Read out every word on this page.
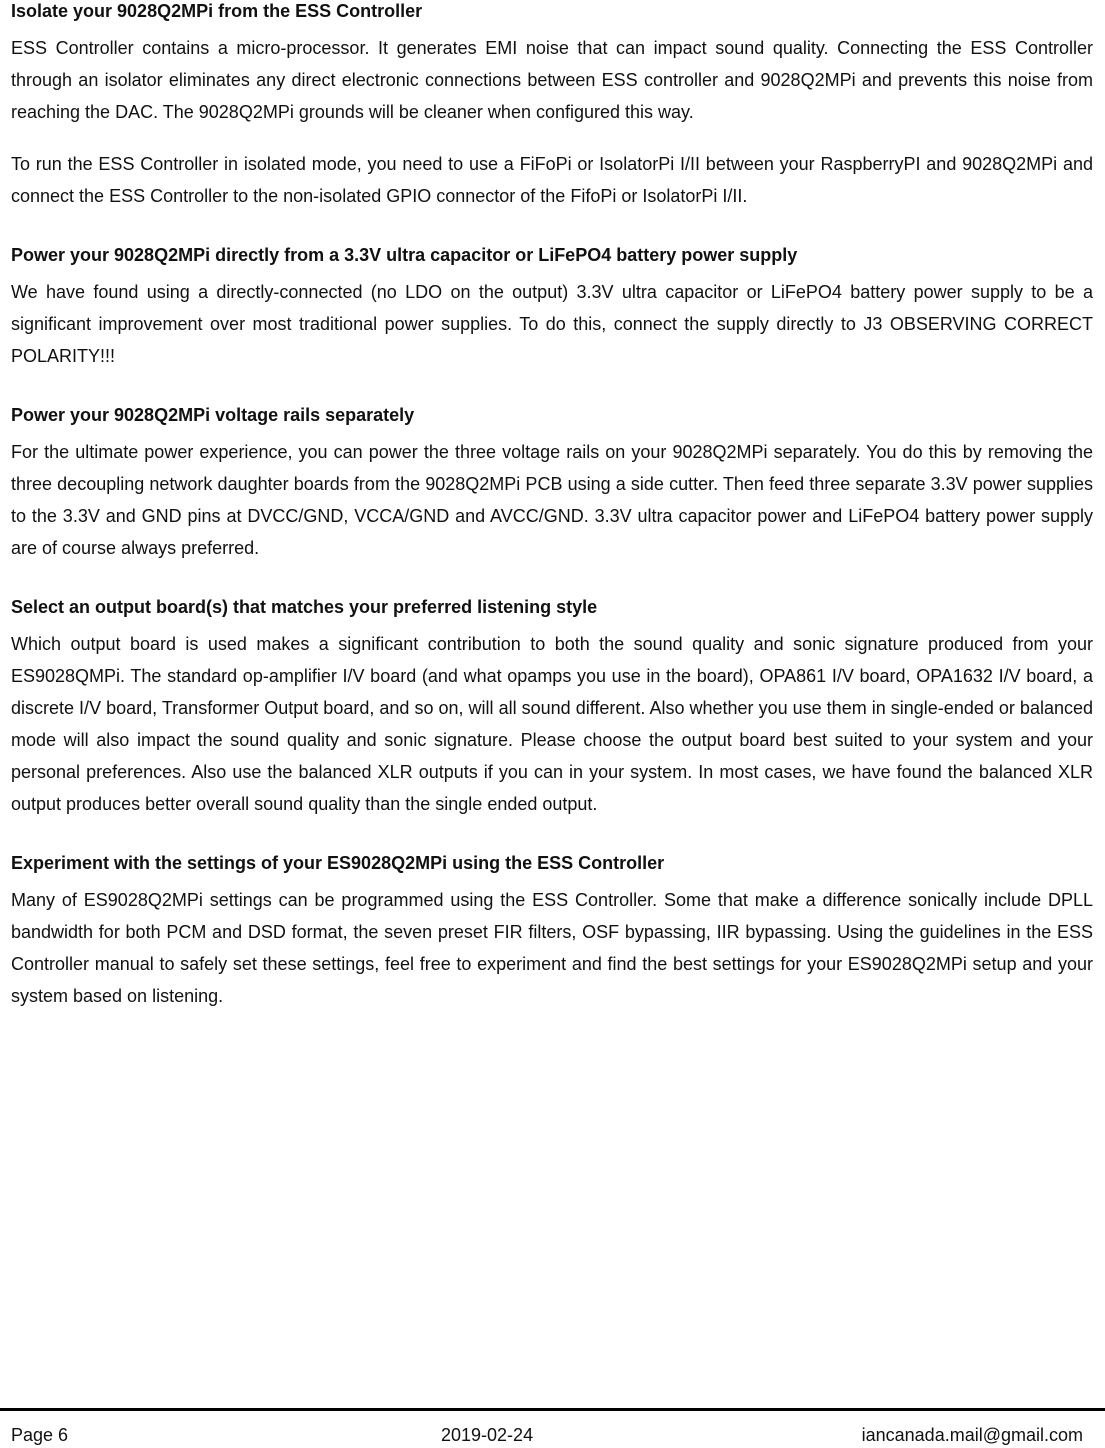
Isolate your 9028Q2MPi from the ESS Controller

ESS Controller contains a micro-processor. It generates EMI noise that can impact sound quality. Connecting the ESS Controller through an isolator eliminates any direct electronic connections between ESS controller and 9028Q2MPi and prevents this noise from reaching the DAC. The 9028Q2MPi grounds will be cleaner when configured this way.

To run the ESS Controller in isolated mode, you need to use a FiFoPi or IsolatorPi I/II between your RaspberryPI and 9028Q2MPi and connect the ESS Controller to the non-isolated GPIO connector of the FifoPi or IsolatorPi I/II.

Power your 9028Q2MPi directly from a 3.3V ultra capacitor or LiFePO4 battery power supply

We have found using a directly-connected (no LDO on the output) 3.3V ultra capacitor or LiFePO4 battery power supply to be a significant improvement over most traditional power supplies. To do this, connect the supply directly to J3 OBSERVING CORRECT POLARITY!!!

Power your 9028Q2MPi voltage rails separately

For the ultimate power experience, you can power the three voltage rails on your 9028Q2MPi separately. You do this by removing the three decoupling network daughter boards from the 9028Q2MPi PCB using a side cutter. Then feed three separate 3.3V power supplies to the 3.3V and GND pins at DVCC/GND, VCCA/GND and AVCC/GND. 3.3V ultra capacitor power and LiFePO4 battery power supply are of course always preferred.

Select an output board(s) that matches your preferred listening style

Which output board is used makes a significant contribution to both the sound quality and sonic signature produced from your ES9028QMPi. The standard op-amplifier I/V board (and what opamps you use in the board), OPA861 I/V board, OPA1632 I/V board, a discrete I/V board, Transformer Output board, and so on, will all sound different. Also whether you use them in single-ended or balanced mode will also impact the sound quality and sonic signature. Please choose the output board best suited to your system and your personal preferences. Also use the balanced XLR outputs if you can in your system. In most cases, we have found the balanced XLR output produces better overall sound quality than the single ended output.

Experiment with the settings of your ES9028Q2MPi using the ESS Controller

Many of ES9028Q2MPi settings can be programmed using the ESS Controller. Some that make a difference sonically include DPLL bandwidth for both PCM and DSD format, the seven preset FIR filters, OSF bypassing, IIR bypassing. Using the guidelines in the ESS Controller manual to safely set these settings, feel free to experiment and find the best settings for your ES9028Q2MPi setup and your system based on listening.

Page 6	2019-02-24	iancanada.mail@gmail.com
